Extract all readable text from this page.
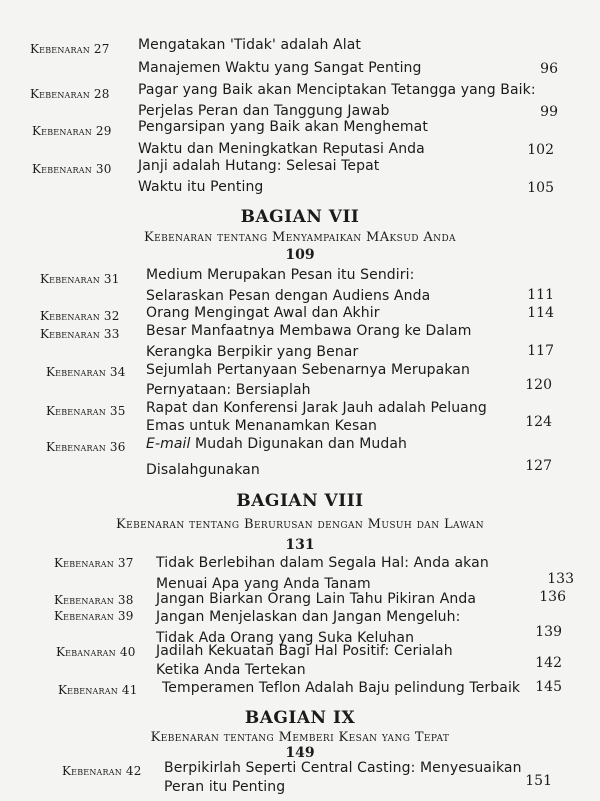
Kebenaran 27 Mengatakan 'Tidak' adalah Alat
Manajemen Waktu yang Sangat Penting	96
Kebenaran 28 Pagar yang Baik akan Menciptakan Tetangga yang Baik:
Perjelas Peran dan Tanggung Jawab	99
Kebenaran 29 Pengarsipan yang Baik akan Menghemat
Waktu dan Meningkatkan Reputasi Anda	102
Kebenaran 30 Janji adalah Hutang: Selesai Tepat
Waktu itu Penting	105
BAGIAN VII
Kebenaran tentang Menyampaikan MAksud Anda
109
Kebenaran 31 Medium Merupakan Pesan itu Sendiri:
Selaraskan Pesan dengan Audiens Anda	111
Kebenaran 32 Orang Mengingat Awal dan Akhir	114
Kebenaran 33 Besar Manfaatnya Membawa Orang ke Dalam
Kerangka Berpikir yang Benar	117
Kebenaran 34 Sejumlah Pertanyaan Sebenarnya Merupakan
Pernyataan: Bersiaplah	120
Kebenaran 35 Rapat dan Konferensi Jarak Jauh adalah Peluang
Emas untuk Menanamkan Kesan	124
Kebenaran 36 E-mail Mudah Digunakan dan Mudah
Disalahgunakan	127
BAGIAN VIII
Kebenaran tentang Berurusan dengan Musuh dan Lawan
131
Kebenaran 37 Tidak Berlebihan dalam Segala Hal: Anda akan
Menuai Apa yang Anda Tanam	133
Kebenaran 38 Jangan Biarkan Orang Lain Tahu Pikiran Anda	136
Kebenaran 39 Jangan Menjelaskan dan Jangan Mengeluh:
Tidak Ada Orang yang Suka Keluhan	139
Kebanaran 40 Jadilah Kekuatan Bagi Hal Positif: Cerialah
Ketika Anda Tertekan	142
Kebenaran 41 Temperamen Teflon Adalah Baju pelindung Terbaik	145
BAGIAN IX
Kebenaran tentang Memberi Kesan yang Tepat
149
Kebenaran 42 Berpikirlah Seperti Central Casting: Menyesuaikan
Peran itu Penting	151
